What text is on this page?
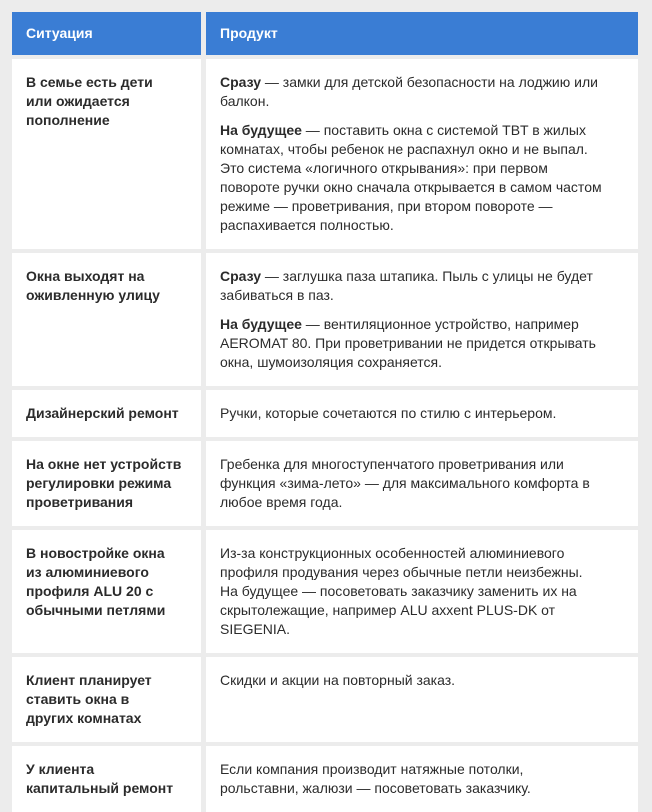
Ситуация	Продукт
В семье есть дети или ожидается пополнение
Сразу — замки для детской безопасности на лоджию или балкон.
На будущее — поставить окна с системой TBT в жилых комнатах, чтобы ребенок не распахнул окно и не выпал. Это система «логичного открывания»: при первом повороте ручки окно сначала открывается в самом частом режиме — проветривания, при втором повороте — распахивается полностью.
Окна выходят на оживленную улицу
Сразу — заглушка паза штапика. Пыль с улицы не будет забиваться в паз.
На будущее — вентиляционное устройство, например AEROMAT 80. При проветривании не придется открывать окна, шумоизоляция сохраняется.
Дизайнерский ремонт	Ручки, которые сочетаются по стилю с интерьером.
На окне нет устройств регулировки режима проветривания
Гребенка для многоступенчатого проветривания или функция «зима-лето» — для максимального комфорта в любое время года.
В новостройке окна из алюминиевого профиля ALU 20 с обычными петлями
Из-за конструкционных особенностей алюминиевого профиля продувания через обычные петли неизбежны. На будущее — посоветовать заказчику заменить их на скрытолежащие, например ALU axxent PLUS-DK от SIEGENIA.
Клиент планирует ставить окна в других комнатах
Скидки и акции на повторный заказ.
У клиента капитальный ремонт
Если компания производит натяжные потолки, рольставни, жалюзи — посоветовать заказчику.
